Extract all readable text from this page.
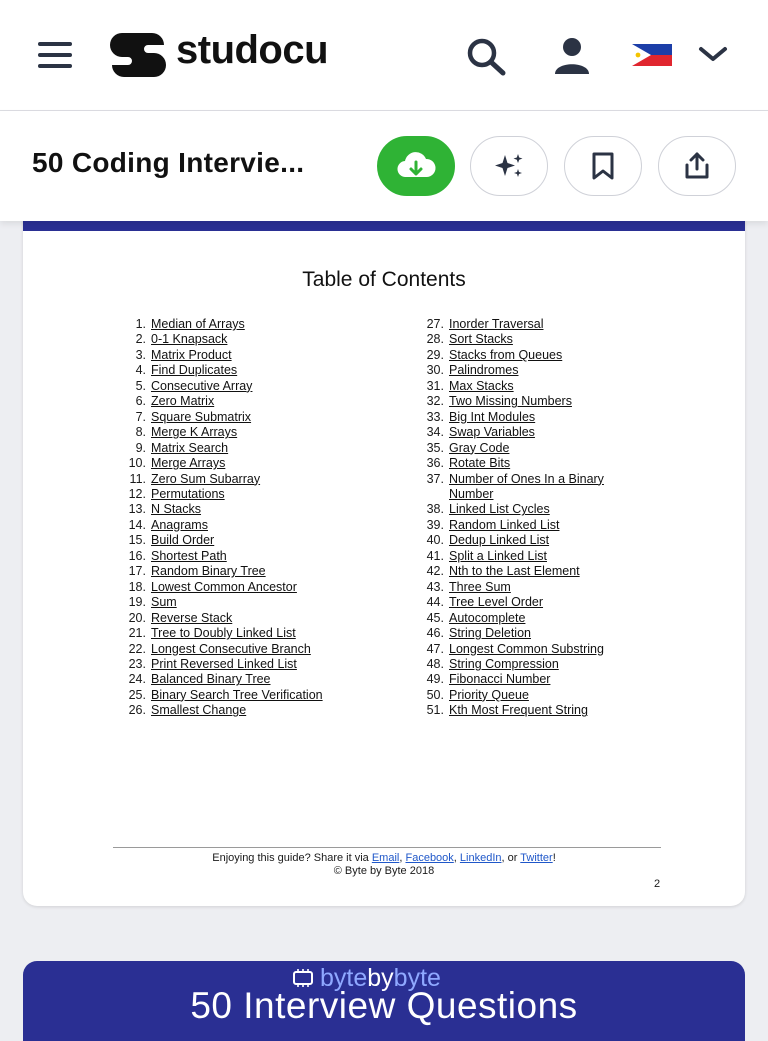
studocu
50 Coding Intervie...
Table of Contents
1. Median of Arrays
2. 0-1 Knapsack
3. Matrix Product
4. Find Duplicates
5. Consecutive Array
6. Zero Matrix
7. Square Submatrix
8. Merge K Arrays
9. Matrix Search
10. Merge Arrays
11. Zero Sum Subarray
12. Permutations
13. N Stacks
14. Anagrams
15. Build Order
16. Shortest Path
17. Random Binary Tree
18. Lowest Common Ancestor
19. Sum
20. Reverse Stack
21. Tree to Doubly Linked List
22. Longest Consecutive Branch
23. Print Reversed Linked List
24. Balanced Binary Tree
25. Binary Search Tree Verification
26. Smallest Change
27. Inorder Traversal
28. Sort Stacks
29. Stacks from Queues
30. Palindromes
31. Max Stacks
32. Two Missing Numbers
33. Big Int Modules
34. Swap Variables
35. Gray Code
36. Rotate Bits
37. Number of Ones In a Binary Number
38. Linked List Cycles
39. Random Linked List
40. Dedup Linked List
41. Split a Linked List
42. Nth to the Last Element
43. Three Sum
44. Tree Level Order
45. Autocomplete
46. String Deletion
47. Longest Common Substring
48. String Compression
49. Fibonacci Number
50. Priority Queue
51. Kth Most Frequent String
Enjoying this guide? Share it via Email, Facebook, LinkedIn, or Twitter!
© Byte by Byte 2018
2
byte by byte
50 Interview Questions
